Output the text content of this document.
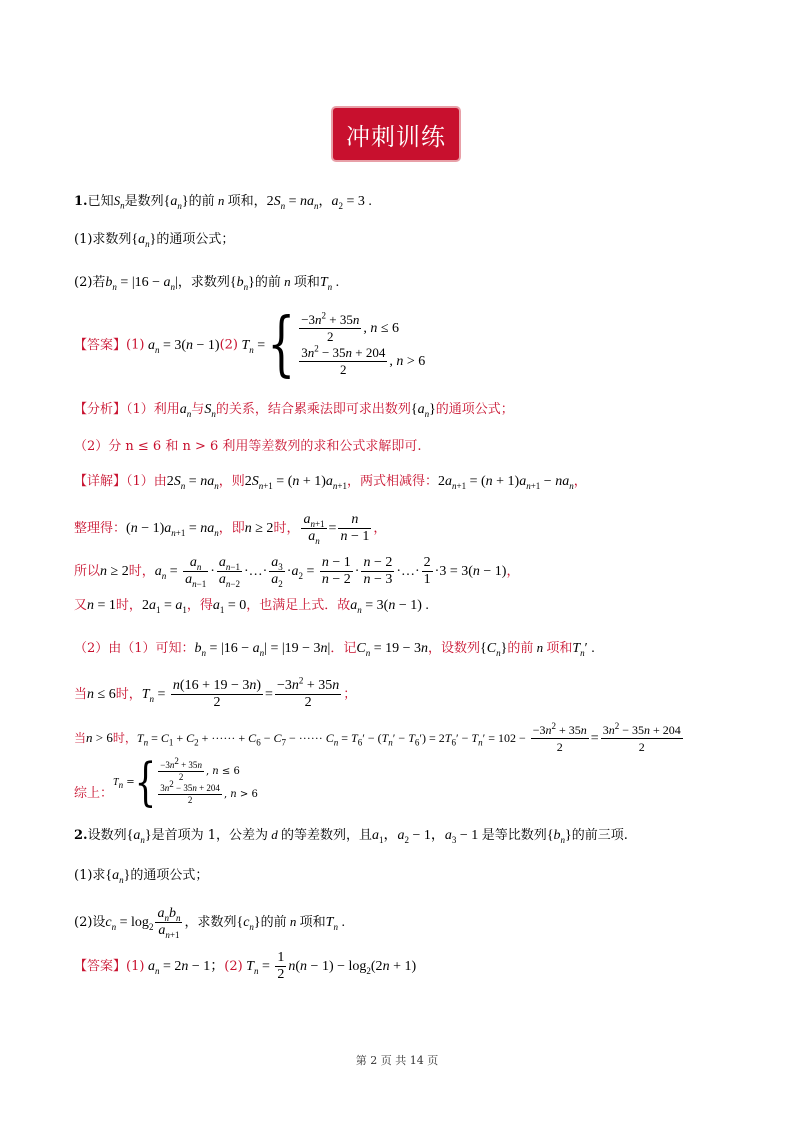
冲刺训练
1.已知$S_n$是数列$\{a_n\}$的前 n 项和，$2S_n = na_n$，$a_2 = 3$ .
(1)求数列$\{a_n\}$的通项公式；
(2)若$b_n = |16 - a_n|$，求数列$\{b_n\}$的前 n 项和$T_n$ .
【答案】(1) $a_n = 3(n - 1)(2)$ $T_n$ ={ $\frac{-3n^2 + 35n}{2}$ , n ≤ 6
$\frac{3n^2 - 35n + 204}{2}$ , n > 6
【分析】（1）利用$a_n$与$S_n$的关系，结合累乘法即可求出数列$\{a_n\}$的通项公式；
（2）分 n ≤ 6 和 n > 6 利用等差数列的求和公式求解即可.
【详解】（1）由$2S_n = na_n$，则$2S_{n+1} = (n + 1)a_{n+1}$，两式相减得：$2a_{n+1} = (n + 1)a_{n+1} - na_n$，
整理得：$(n - 1)a_{n+1} = na_n$，即n ≥ 2时， $\frac{a_{n+1}}{a_n} = \frac{n}{n - 1}$ ，
所以n ≥ 2时，$a_n = \frac{a_n}{a_{n-1}} \cdot \frac{a_{n-1}}{a_{n-2}}$ ·…· $\frac{a_3}{a_2} \cdot a_2 = \frac{n - 1}{n - 2} \cdot \frac{n - 2}{n - 3}$ ·…· $\frac{2}{1} \cdot 3 = 3(n - 1)$，
又n = 1时，$2a_1 = a_1$，得$a_1 = 0$，也满足上式．故$a_n = 3(n - 1)$ .
（2）由（1）可知：$b_n = |16 - a_n| = |19 - 3n|$．记$C_n = 19 - 3n$，设数列$\{C_n\}$的前 n 项和$T_n'$ .
当n ≤ 6时，$T_n = \frac{n(16 + 19 - 3n)}{2} = \frac{-3n^2 + 35n}{2}$ ；
当n > 6时，$T_n = C_1 + C_2$ + ······ + $C_6 - C_7$ − ······ $C_n = T_6' - (T_n' - T_6') = 2T_6' - T_n' = 102 - \frac{-3n^2 + 35n}{2} = \frac{3n^2 - 35n + 204}{2}$
综上：
$T_n$ = { $\frac{-3n^2 + 35n}{2}$ , n ≤ 6
$\frac{3n^2 - 35n + 204}{2}$ , n > 6
2.设数列$\{a_n\}$是首项为 1，公差为 d 的等差数列，且$a_1$，$a_2 - 1$，$a_3 - 1$ 是等比数列$\{b_n\}$的前三项.
(1)求$\{a_n\}$的通项公式；
(2)设$c_n = \log_2 \frac{a_nb_n}{a_{n+1}}$ ，求数列$\{c_n\}$的前 n 项和$T_n$ .
【答案】(1) $a_n = 2n - 1$；(2) $T_n = \frac{1}{2} n(n - 1) - \log_2(2n + 1)$
第 2 页 共 14 页
